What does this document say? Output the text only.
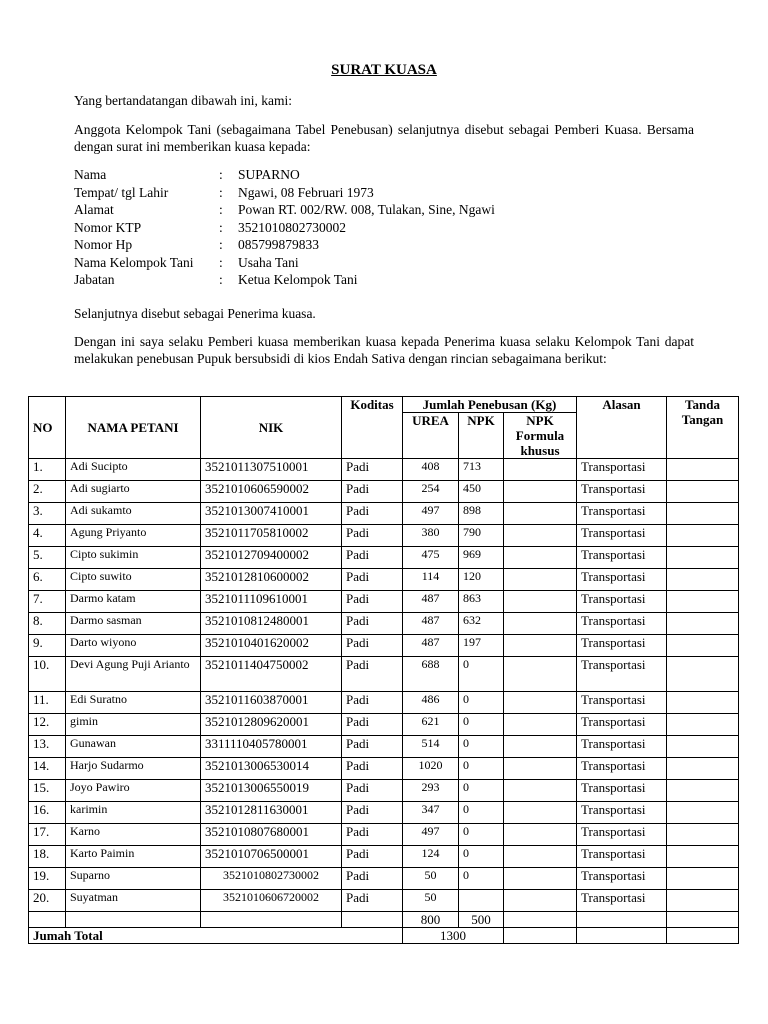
SURAT KUASA
Yang bertandatangan dibawah ini, kami:
Anggota Kelompok Tani (sebagaimana Tabel Penebusan) selanjutnya disebut sebagai Pemberi Kuasa. Bersama dengan surat ini memberikan kuasa kepada:
Nama	:	SUPARNO
Tempat/ tgl Lahir	:	Ngawi, 08 Februari 1973
Alamat	:	Powan RT. 002/RW. 008, Tulakan, Sine, Ngawi
Nomor KTP	:	3521010802730002
Nomor Hp	:	085799879833
Nama Kelompok Tani	:	Usaha Tani
Jabatan	:	Ketua Kelompok Tani
Selanjutnya disebut sebagai Penerima kuasa.
Dengan ini saya selaku Pemberi kuasa memberikan kuasa kepada Penerima kuasa selaku Kelompok Tani dapat melakukan penebusan Pupuk bersubsidi di kios Endah Sativa dengan rincian sebagaimana berikut:
NO	NAMA PETANI	NIK	Koditas	Jumlah Penebusan (Kg)			Alasan	Tanda Tangan
				UREA	NPK	NPK Formula khusus		
1.	Adi Sucipto	3521011307510001	Padi	408	713		Transportasi	
2.	Adi sugiarto	3521010606590002	Padi	254	450		Transportasi	
3.	Adi sukamto	3521013007410001	Padi	497	898		Transportasi	
4.	Agung Priyanto	3521011705810002	Padi	380	790		Transportasi	
5.	Cipto sukimin	3521012709400002	Padi	475	969		Transportasi	
6.	Cipto suwito	3521012810600002	Padi	114	120		Transportasi	
7.	Darmo katam	3521011109610001	Padi	487	863		Transportasi	
8.	Darmo sasman	3521010812480001	Padi	487	632		Transportasi	
9.	Darto wiyono	3521010401620002	Padi	487	197		Transportasi	
10.	Devi Agung Puji Arianto	3521011404750002	Padi	688	0		Transportasi	
11.	Edi Suratno	3521011603870001	Padi	486	0		Transportasi	
12.	gimin	3521012809620001	Padi	621	0		Transportasi	
13.	Gunawan	3311110405780001	Padi	514	0		Transportasi	
14.	Harjo Sudarmo	3521013006530014	Padi	1020	0		Transportasi	
15.	Joyo Pawiro	3521013006550019	Padi	293	0		Transportasi	
16.	karimin	3521012811630001	Padi	347	0		Transportasi	
17.	Karno	3521010807680001	Padi	497	0		Transportasi	
18.	Karto Paimin	3521010706500001	Padi	124	0		Transportasi	
19.	Suparno	3521010802730002	Padi	50	0		Transportasi	
20.	Suyatman	3521010606720002	Padi	50			Transportasi	
				800	500			
Jumah Total				1300				
